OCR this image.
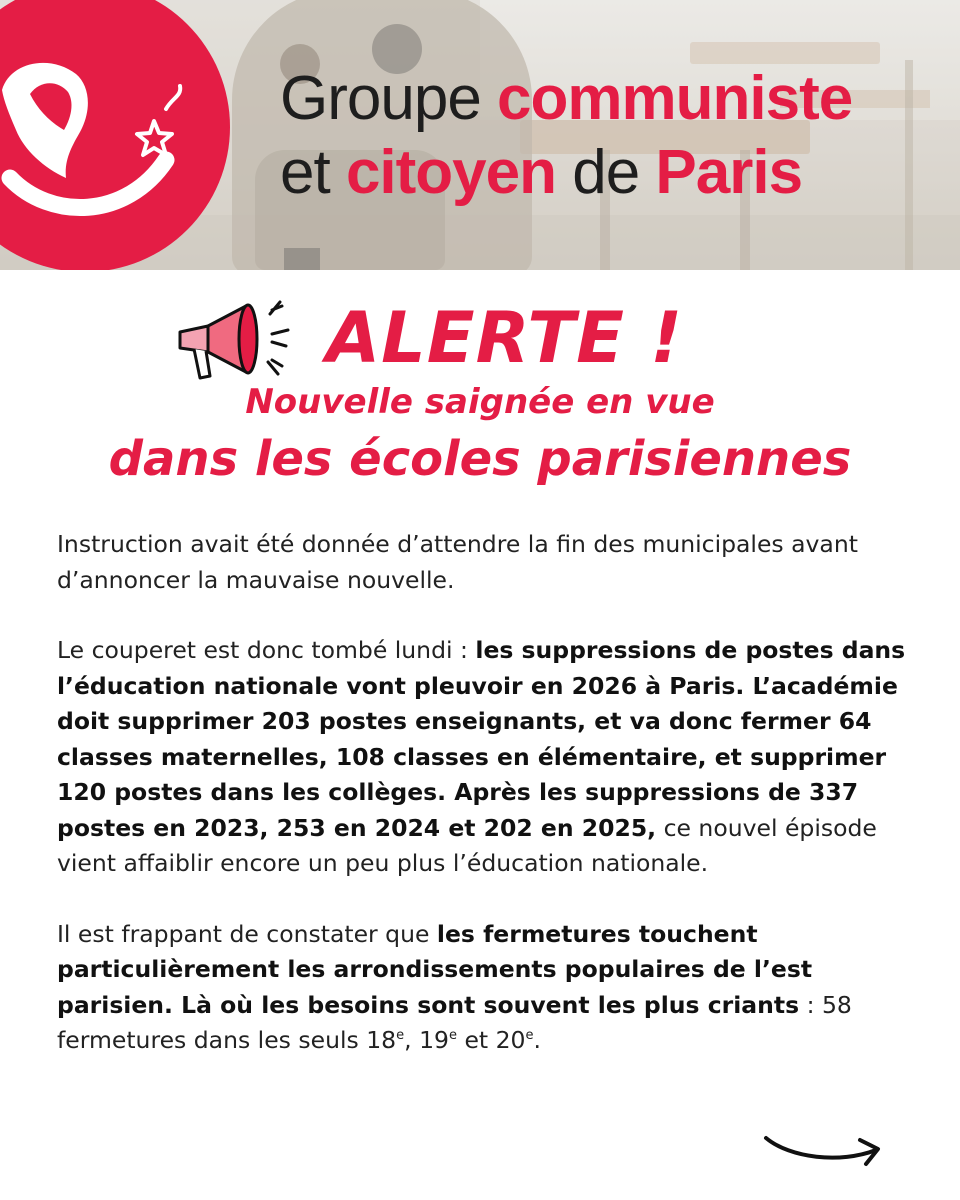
Groupe communiste
et citoyen de Paris
ALERTE !
Nouvelle saignée en vue
dans les écoles parisiennes

Instruction avait été donnée d’attendre la fin des municipales avant d’annoncer la mauvaise nouvelle.

Le couperet est donc tombé lundi : les suppressions de postes dans l’éducation nationale vont pleuvoir en 2026 à Paris. L’académie doit supprimer 203 postes enseignants, et va donc fermer 64 classes maternelles, 108 classes en élémentaire, et supprimer 120 postes dans les collèges. Après les suppressions de 337 postes en 2023, 253 en 2024 et 202 en 2025, ce nouvel épisode vient affaiblir encore un peu plus l’éducation nationale.

Il est frappant de constater que les fermetures touchent particulièrement les arrondissements populaires de l’est parisien. Là où les besoins sont souvent les plus criants : 58 fermetures dans les seuls 18e, 19e et 20e.
